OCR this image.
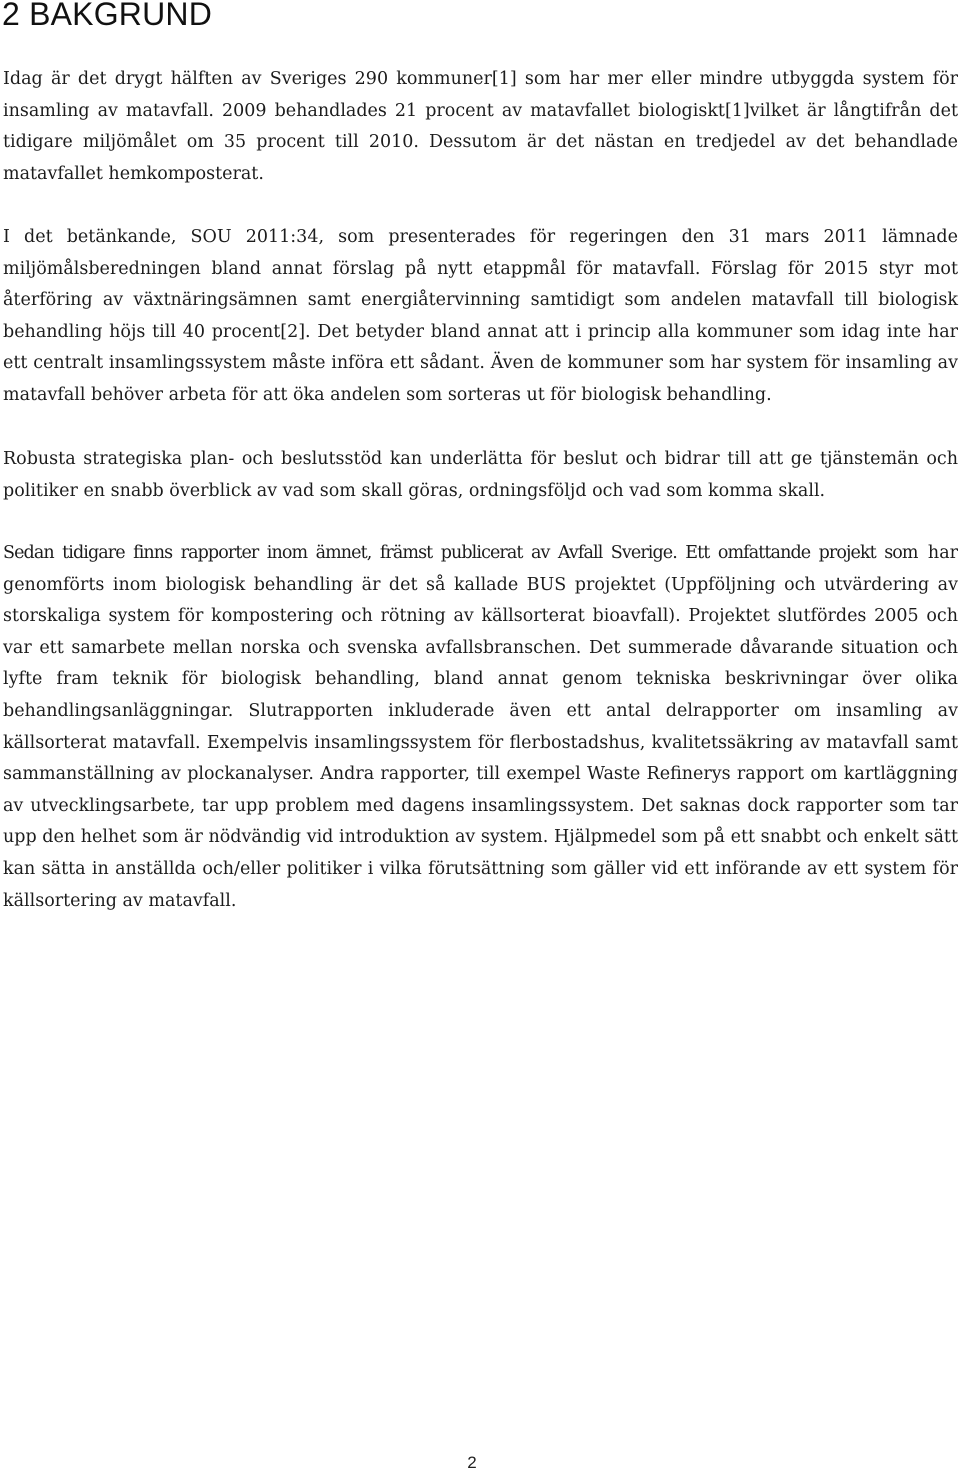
2 BAKGRUND

Idag är det drygt hälften av Sveriges 290 kommuner[1] som har mer eller mindre utbyggda system för insamling av matavfall. 2009 behandlades 21 procent av matavfallet biologiskt[1]vilket är långtifrån det tidigare miljömålet om 35 procent till 2010. Dessutom är det nästan en tredjedel av det behandlade matavfallet hemkomposterat.

I det betänkande, SOU 2011:34, som presenterades för regeringen den 31 mars 2011 lämnade miljömålsberedningen bland annat förslag på nytt etappmål för matavfall. Förslag för 2015 styr mot återföring av växtnäringsämnen samt energiåtervinning samtidigt som andelen matavfall till biologisk behandling höjs till 40 procent[2]. Det betyder bland annat att i princip alla kommuner som idag inte har ett centralt insamlingssystem måste införa ett sådant. Även de kommuner som har system för insamling av matavfall behöver arbeta för att öka andelen som sorteras ut för biologisk behandling.

Robusta strategiska plan- och beslutsstöd kan underlätta för beslut och bidrar till att ge tjänstemän och politiker en snabb överblick av vad som skall göras, ordningsföljd och vad som komma skall.

Sedan tidigare finns rapporter inom ämnet, främst publicerat av Avfall Sverige. Ett omfattande projekt som har genomförts inom biologisk behandling är det så kallade BUS projektet (Uppföljning och utvärdering av storskaliga system för kompostering och rötning av källsorterat bioavfall). Projektet slutfördes 2005 och var ett samarbete mellan norska och svenska avfallsbranschen. Det summerade dåvarande situation och lyfte fram teknik för biologisk behandling, bland annat genom tekniska beskrivningar över olika behandlingsanläggningar. Slutrapporten inkluderade även ett antal delrapporter om insamling av källsorterat matavfall. Exempelvis insamlingssystem för flerbostadshus, kvalitetssäkring av matavfall samt sammanställning av plockanalyser. Andra rapporter, till exempel Waste Refinerys rapport om kartläggning av utvecklingsarbete, tar upp problem med dagens insamlingssystem. Det saknas dock rapporter som tar upp den helhet som är nödvändig vid introduktion av system. Hjälpmedel som på ett snabbt och enkelt sätt kan sätta in anställda och/eller politiker i vilka förutsättning som gäller vid ett införande av ett system för källsortering av matavfall.

2
